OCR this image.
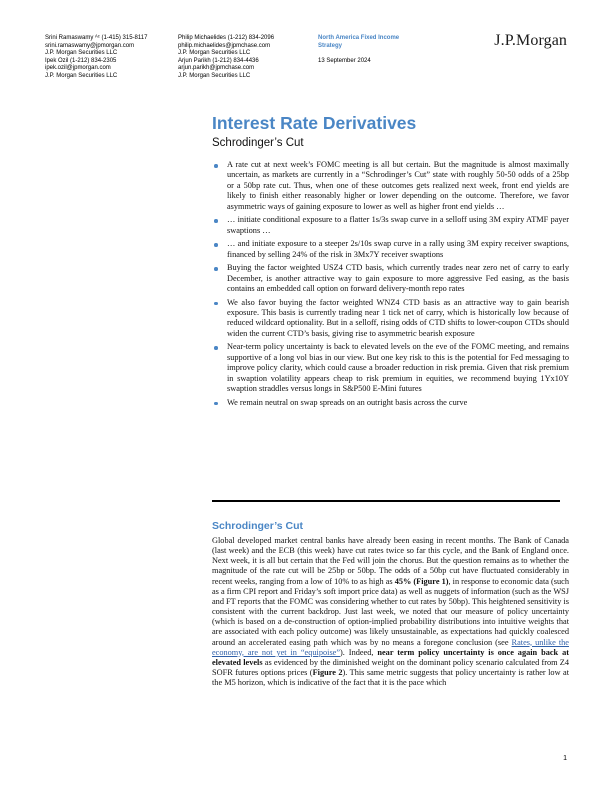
Srini Ramaswamy ᴬᶜ (1-415) 315-8117
srini.ramaswamy@jpmorgan.com
J.P. Morgan Securities LLC
Ipek Ozil (1-212) 834-2305
ipek.ozil@jpmorgan.com
J.P. Morgan Securities LLC
Philip Michaelides (1-212) 834-2096
philip.michaelides@jpmchase.com
J.P. Morgan Securities LLC
Arjun Parikh (1-212) 834-4436
arjun.parikh@jpmchase.com
J.P. Morgan Securities LLC
North America Fixed Income
Strategy
13 September 2024
J.P.Morgan
Interest Rate Derivatives
Schrodinger’s Cut
A rate cut at next week’s FOMC meeting is all but certain. But the magnitude is almost maximally uncertain, as markets are currently in a “Schrodinger’s Cut” state with roughly 50-50 odds of a 25bp or a 50bp rate cut. Thus, when one of these outcomes gets realized next week, front end yields are likely to finish either reasonably higher or lower depending on the outcome. Therefore, we favor asymmetric ways of gaining exposure to lower as well as higher front end yields …
… initiate conditional exposure to a flatter 1s/3s swap curve in a selloff using 3M expiry ATMF payer swaptions …
… and initiate exposure to a steeper 2s/10s swap curve in a rally using 3M expiry receiver swaptions, financed by selling 24% of the risk in 3Mx7Y receiver swaptions
Buying the factor weighted USZ4 CTD basis, which currently trades near zero net of carry to early December, is another attractive way to gain exposure to more aggressive Fed easing, as the basis contains an embedded call option on forward delivery-month repo rates
We also favor buying the factor weighted WNZ4 CTD basis as an attractive way to gain bearish exposure. This basis is currently trading near 1 tick net of carry, which is historically low because of reduced wildcard optionality. But in a selloff, rising odds of CTD shifts to lower-coupon CTDs should widen the current CTD’s basis, giving rise to asymmetric bearish exposure
Near-term policy uncertainty is back to elevated levels on the eve of the FOMC meeting, and remains supportive of a long vol bias in our view. But one key risk to this is the potential for Fed messaging to improve policy clarity, which could cause a broader reduction in risk premia. Given that risk premium in swaption volatility appears cheap to risk premium in equities, we recommend buying 1Yx10Y swaption straddles versus longs in S&P500 E-Mini futures
We remain neutral on swap spreads on an outright basis across the curve
Schrodinger’s Cut

Global developed market central banks have already been easing in recent months. The Bank of Canada (last week) and the ECB (this week) have cut rates twice so far this cycle, and the Bank of England once. Next week, it is all but certain that the Fed will join the chorus. But the question remains as to whether the magnitude of the rate cut will be 25bp or 50bp. The odds of a 50bp cut have fluctuated considerably in recent weeks, ranging from a low of 10% to as high as 45% (Figure 1), in response to economic data (such as a firm CPI report and Friday’s soft import price data) as well as nuggets of information (such as the WSJ and FT reports that the FOMC was considering whether to cut rates by 50bp). This heightened sensitivity is consistent with the current backdrop. Just last week, we noted that our measure of policy uncertainty (which is based on a de-construction of option-implied probability distributions into intuitive weights that are associated with each policy outcome) was likely unsustainable, as expectations had quickly coalesced around an accelerated easing path which was by no means a foregone conclusion (see Rates, unlike the economy, are not yet in “equipoise”). Indeed, near term policy uncertainty is once again back at elevated levels as evidenced by the diminished weight on the dominant policy scenario calculated from Z4 SOFR futures options prices (Figure 2). This same metric suggests that policy uncertainty is rather low at the M5 horizon, which is indicative of the fact that it is the pace which

1
